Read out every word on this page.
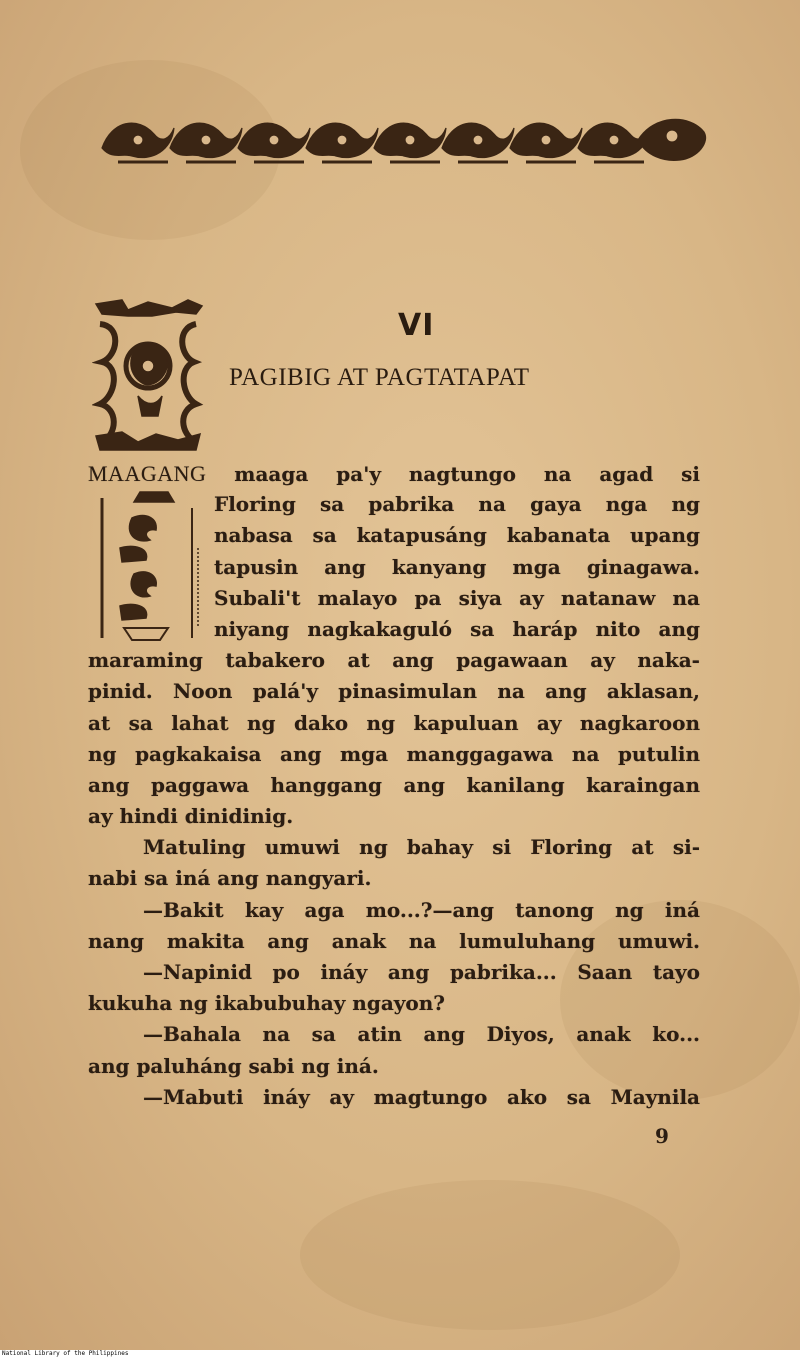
VI
PAGIBIG AT PAGTATAPAT
MAAGANG maaga pa'y nagtungo na agad si
Floring sa pabrika na gaya nga ng
nabasa sa katapusáng kabanata upang
tapusin ang kanyang mga ginagawa.
Subali't malayo pa siya ay natanaw na
niyang nagkakaguló sa haráp nito ang
maraming tabakero at ang pagawaan ay naka-
pinid. Noon palá'y pinasimulan na ang aklasan,
at sa lahat ng dako ng kapuluan ay nagkaroon
ng pagkakaisa ang mga manggagawa na putulin
ang paggawa hanggang ang kanilang karaingan
ay hindi dinidinig.
Matuling umuwi ng bahay si Floring at si-
nabi sa iná ang nangyari.
—Bakit kay aga mo...?—ang tanong ng iná
nang makita ang anak na lumuluhang umuwi.
—Napinid po ináy ang pabrika... Saan tayo
kukuha ng ikabubuhay ngayon?
—Bahala na sa atin ang Diyos, anak ko...
ang paluháng sabi ng iná.
—Mabuti ináy ay magtungo ako sa Maynila
9
National Library of the Philippines
